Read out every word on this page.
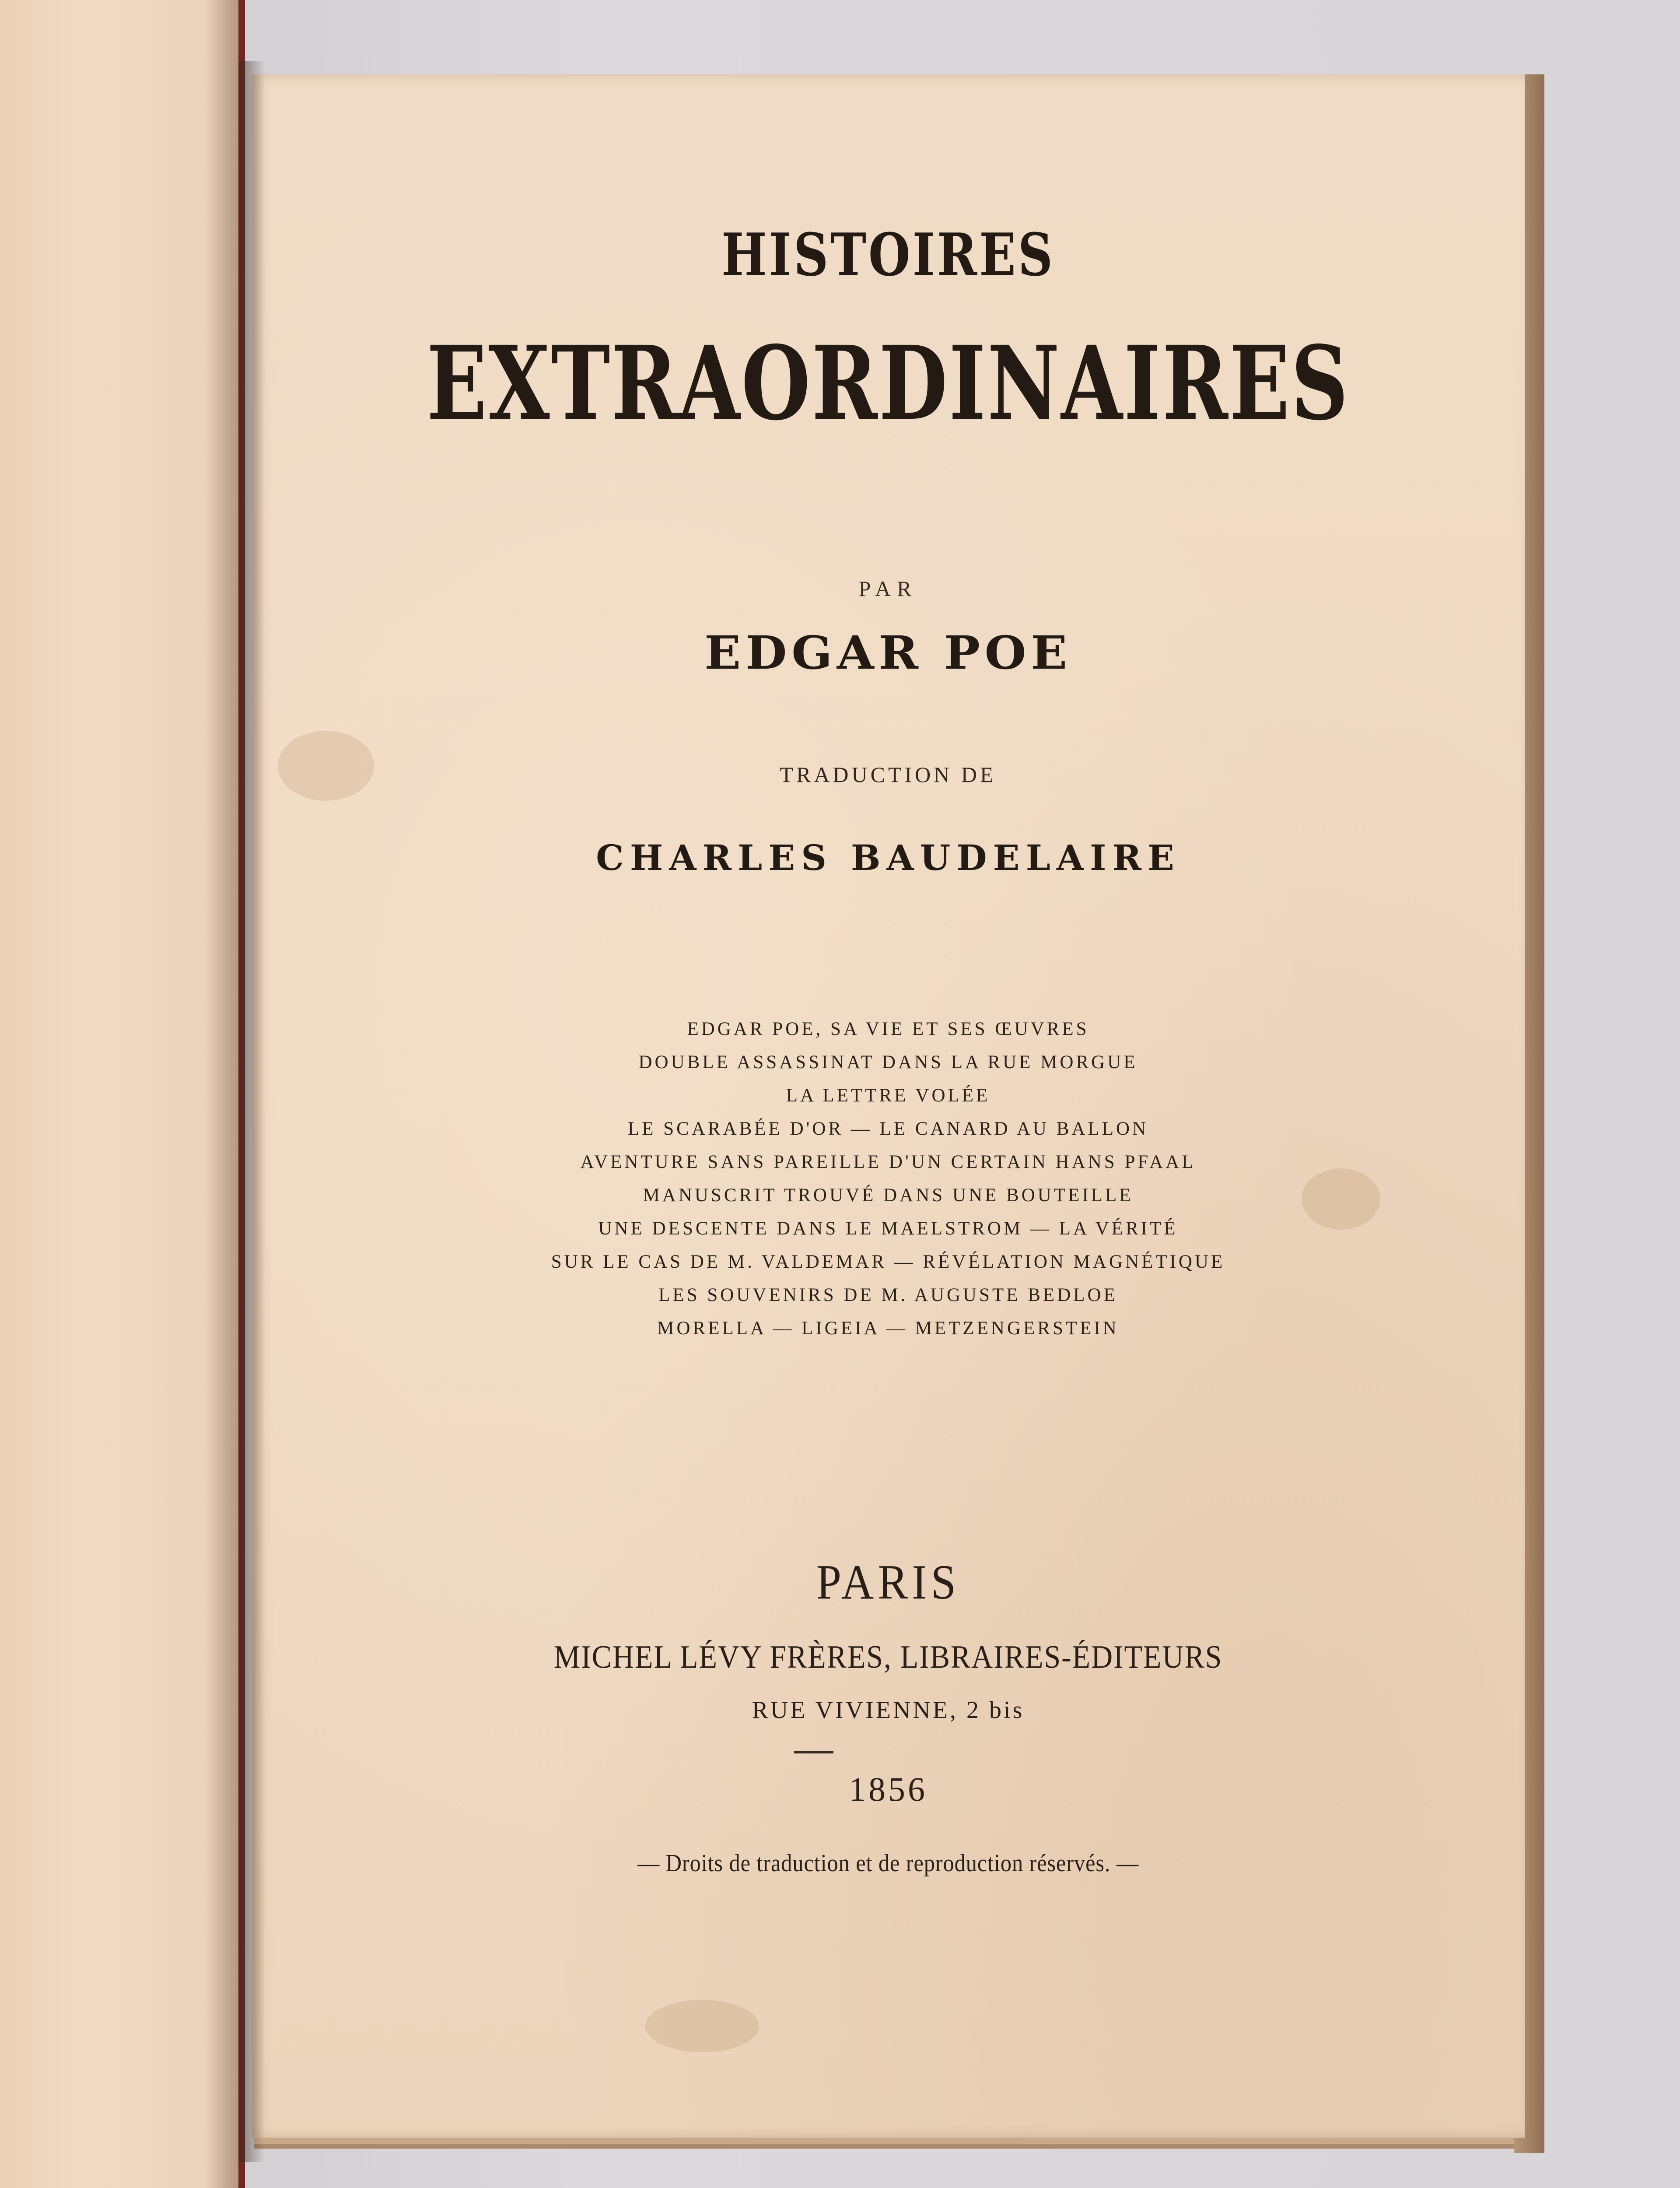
HISTOIRES
EXTRAORDINAIRES
PAR
EDGAR POE
TRADUCTION DE
CHARLES BAUDELAIRE
EDGAR POE, SA VIE ET SES ŒUVRES
DOUBLE ASSASSINAT DANS LA RUE MORGUE
LA LETTRE VOLÉE
LE SCARABÉE D'OR — LE CANARD AU BALLON
AVENTURE SANS PAREILLE D'UN CERTAIN HANS PFAAL
MANUSCRIT TROUVÉ DANS UNE BOUTEILLE
UNE DESCENTE DANS LE MAELSTROM — LA VÉRITÉ
SUR LE CAS DE M. VALDEMAR — RÉVÉLATION MAGNÉTIQUE
LES SOUVENIRS DE M. AUGUSTE BEDLOE
MORELLA — LIGEIA — METZENGERSTEIN
PARIS
MICHEL LÉVY FRÈRES, LIBRAIRES-ÉDITEURS
RUE VIVIENNE, 2 bis
1856
— Droits de traduction et de reproduction réservés. —
